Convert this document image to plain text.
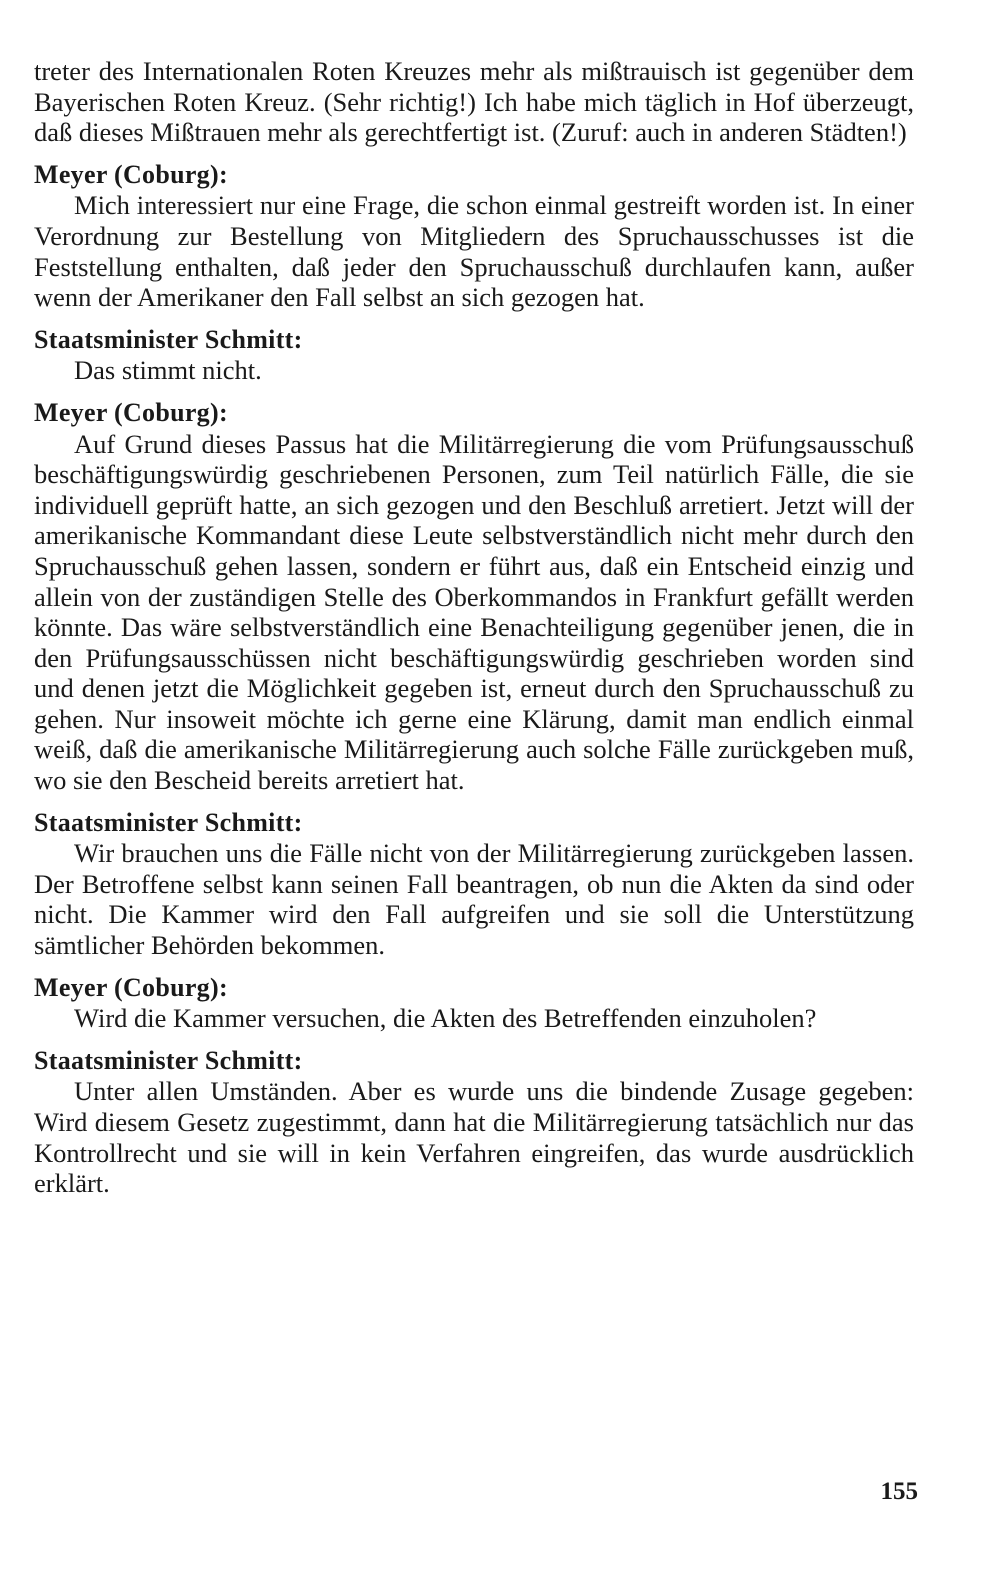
treter des Internationalen Roten Kreuzes mehr als mißtrauisch ist gegenüber dem Bayerischen Roten Kreuz. (Sehr richtig!) Ich habe mich täglich in Hof überzeugt, daß dieses Mißtrauen mehr als gerechtfertigt ist. (Zuruf: auch in anderen Städten!)

Meyer (Coburg):

Mich interessiert nur eine Frage, die schon einmal gestreift worden ist. In einer Verordnung zur Bestellung von Mitgliedern des Spruchausschusses ist die Feststellung enthalten, daß jeder den Spruchausschuß durchlaufen kann, außer wenn der Amerikaner den Fall selbst an sich gezogen hat.

Staatsminister Schmitt:

Das stimmt nicht.

Meyer (Coburg):

Auf Grund dieses Passus hat die Militärregierung die vom Prüfungsausschuß beschäftigungswürdig geschriebenen Personen, zum Teil natürlich Fälle, die sie individuell geprüft hatte, an sich gezogen und den Beschluß arretiert. Jetzt will der amerikanische Kommandant diese Leute selbstverständlich nicht mehr durch den Spruchausschuß gehen lassen, sondern er führt aus, daß ein Entscheid einzig und allein von der zuständigen Stelle des Oberkommandos in Frankfurt gefällt werden könnte. Das wäre selbstverständlich eine Benachteiligung gegenüber jenen, die in den Prüfungsausschüssen nicht beschäftigungswürdig geschrieben worden sind und denen jetzt die Möglichkeit gegeben ist, erneut durch den Spruchausschuß zu gehen. Nur insoweit möchte ich gerne eine Klärung, damit man endlich einmal weiß, daß die amerikanische Militärregierung auch solche Fälle zurückgeben muß, wo sie den Bescheid bereits arretiert hat.

Staatsminister Schmitt:

Wir brauchen uns die Fälle nicht von der Militärregierung zurückgeben lassen. Der Betroffene selbst kann seinen Fall beantragen, ob nun die Akten da sind oder nicht. Die Kammer wird den Fall aufgreifen und sie soll die Unterstützung sämtlicher Behörden bekommen.

Meyer (Coburg):

Wird die Kammer versuchen, die Akten des Betreffenden einzuholen?

Staatsminister Schmitt:

Unter allen Umständen. Aber es wurde uns die bindende Zusage gegeben: Wird diesem Gesetz zugestimmt, dann hat die Militärregierung tatsächlich nur das Kontrollrecht und sie will in kein Verfahren eingreifen, das wurde ausdrücklich erklärt.

155
